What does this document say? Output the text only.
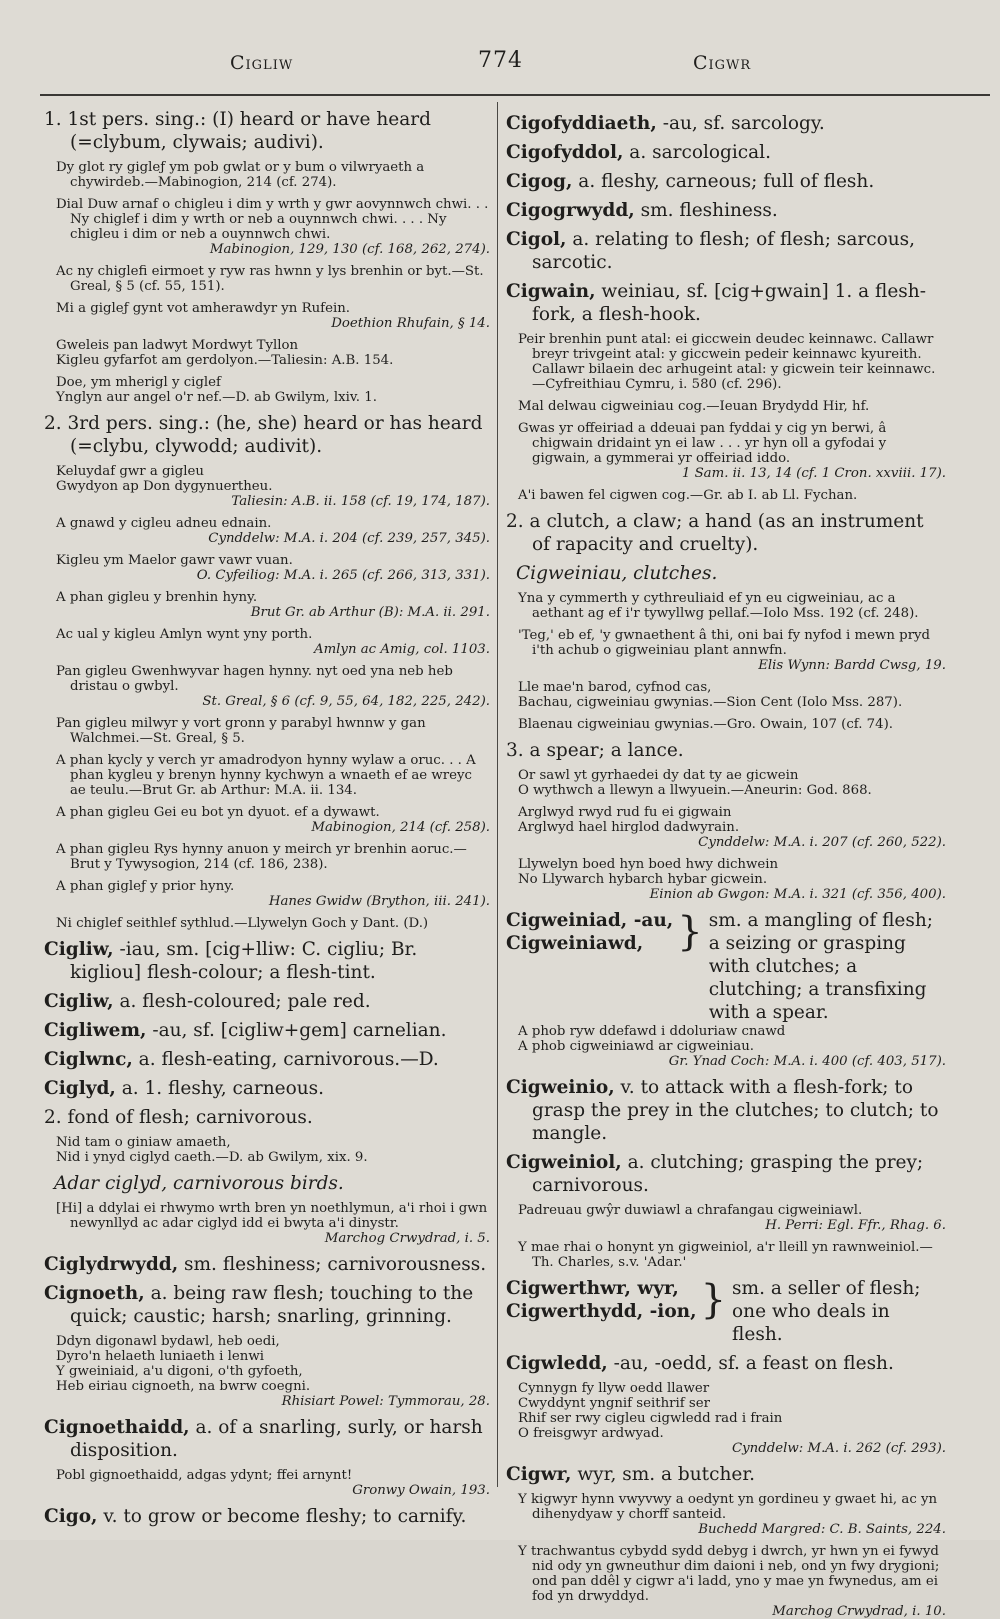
Cigliw	774	Cigwr
1. 1st pers. sing.: (I) heard or have heard (=clybum, clywais; audivi).
Dy glot ry gigleƒ ym pob gwlat or y bum o vilwryaeth a chywirdeb.—Mabinogion, 214 (cf. 274).
Dial Duw arnaf o chigleu i dim y wrth y gwr aovynnwch chwi. . . Ny chiglef i dim y wrth or neb a ouynnwch chwi. . . . Ny chigleu i dim or neb a ouynnwch chwi.
Mabinogion, 129, 130 (cf. 168, 262, 274).
Ac ny chiglefi eirmoet y ryw ras hwnn y lys brenhin or byt.—St. Greal, § 5 (cf. 55, 151).
Mi a gigleƒ gynt vot amherawdyr yn Rufein.
Doethion Rhufain, § 14.
Gweleis pan ladwyt Mordwyt Tyllon
Kigleu gyfarfot am gerdolyon.—Taliesin: A.B. 154.
Doe, ym mherigl y ciglef
Ynglyn aur angel o'r nef.—D. ab Gwilym, lxiv. 1.
2. 3rd pers. sing.: (he, she) heard or has heard (=clybu, clywodd; audivit).
Keluydaf gwr a gigleu
Gwydyon ap Don dygynuertheu.
Taliesin: A.B. ii. 158 (cf. 19, 174, 187).
A gnawd y cigleu adneu ednain.
Cynddelw: M.A. i. 204 (cf. 239, 257, 345).
Kigleu ym Maelor gawr vawr vuan.
O. Cyfeiliog: M.A. i. 265 (cf. 266, 313, 331).
A phan gigleu y brenhin hyny.
Brut Gr. ab Arthur (B): M.A. ii. 291.
Ac ual y kigleu Amlyn wynt yny porth.
Amlyn ac Amig, col. 1103.
Pan gigleu Gwenhwyvar hagen hynny. nyt oed yna neb heb dristau o gwbyl.
St. Greal, § 6 (cf. 9, 55, 64, 182, 225, 242).
Pan gigleu milwyr y vort gronn y parabyl hwnnw y gan Walchmei.—St. Greal, § 5.
A phan kycly y verch yr amadrodyon hynny wylaw a oruc. . . A phan kygleu y brenyn hynny kychwyn a wnaeth ef ae wreyc ae teulu.—Brut Gr. ab Arthur: M.A. ii. 134.
A phan gigleu Gei eu bot yn dyuot. ef a dywawt.
Mabinogion, 214 (cf. 258).
A phan gigleu Rys hynny anuon y meirch yr brenhin aoruc.—Brut y Tywysogion, 214 (cf. 186, 238).
A phan gigleƒ y prior hyny.
Hanes Gwidw (Brython, iii. 241).
Ni chiglef seithlef sythlud.—Llywelyn Goch y Dant. (D.)
Cigliw, -iau, sm. [cig+lliw: C. cigliu; Br. kigliou] flesh-colour; a flesh-tint.
Cigliw, a. flesh-coloured; pale red.
Cigliwem, -au, sf. [cigliw+gem] carnelian.
Ciglwnc, a. flesh-eating, carnivorous.—D.
Ciglyd, a. 1. fleshy, carneous.
2. fond of flesh; carnivorous.
Nid tam o giniaw amaeth,
Nid i ynyd ciglyd caeth.—D. ab Gwilym, xix. 9.
Adar ciglyd, carnivorous birds.
[Hi] a ddylai ei rhwymo wrth bren yn noethlymun, a'i rhoi i gwn newynllyd ac adar ciglyd idd ei bwyta a'i dinystr.
Marchog Crwydrad, i. 5.
Ciglydrwydd, sm. fleshiness; carnivorousness.
Cignoeth, a. being raw flesh; touching to the quick; caustic; harsh; snarling, grinning.
Ddyn digonawl bydawl, heb oedi,
Dyro'n helaeth luniaeth i lenwi
Y gweiniaid, a'u digoni, o'th gyfoeth,
Heb eiriau cignoeth, na bwrw coegni.
Rhisiart Powel: Tymmorau, 28.
Cignoethaidd, a. of a snarling, surly, or harsh disposition.
Pobl gignoethaidd, adgas ydynt; ffei arnynt!
Gronwy Owain, 193.
Cigo, v. to grow or become fleshy; to carnify.
Cigofyddiaeth, -au, sf. sarcology.
Cigofyddol, a. sarcological.
Cigog, a. fleshy, carneous; full of flesh.
Cigogrwydd, sm. fleshiness.
Cigol, a. relating to flesh; of flesh; sarcous, sarcotic.
Cigwain, weiniau, sf. [cig+gwain] 1. a flesh-fork, a flesh-hook.
Peir brenhin punt atal: ei giccwein deudec keinnawc. Callawr breyr trivgeint atal: y giccwein pedeir keinnawc kyureith. Callawr bilaein dec arhugeint atal: y gicwein teir keinnawc.—Cyfreithiau Cymru, i. 580 (cf. 296).
Mal delwau cigweiniau cog.—Ieuan Brydydd Hir, hf.
Gwas yr offeiriad a ddeuai pan fyddai y cig yn berwi, â chigwain dridaint yn ei law . . . yr hyn oll a gyfodai y gigwain, a gymmerai yr offeiriad iddo.
1 Sam. ii. 13, 14 (cf. 1 Cron. xxviii. 17).
A'i bawen fel cigwen cog.—Gr. ab I. ab Ll. Fychan.
2. a clutch, a claw; a hand (as an instrument of rapacity and cruelty).
Cigweiniau, clutches.
Yna y cymmerth y cythreuliaid ef yn eu cigweiniau, ac a aethant ag ef i'r tywyllwg pellaf.—Iolo Mss. 192 (cf. 248).
'Teg,' eb ef, 'y gwnaethent â thi, oni bai fy nyfod i mewn pryd i'th achub o gigweiniau plant annwfn.
Elis Wynn: Bardd Cwsg, 19.
Lle mae'n barod, cyfnod cas,
Bachau, cigweiniau gwynias.—Sion Cent (Iolo Mss. 287).
Blaenau cigweiniau gwynias.—Gro. Owain, 107 (cf. 74).
3. a spear; a lance.
Or sawl yt gyrhaedei dy dat ty ae gicwein
O wythwch a llewyn a llwyuein.—Aneurin: God. 868.
Arglwyd rwyd rud fu ei gigwain
Arglwyd hael hirglod dadwyrain.
Cynddelw: M.A. i. 207 (cf. 260, 522).
Llywelyn boed hyn boed hwy dichwein
No Llywarch hybarch hybar gicwein.
Einion ab Gwgon: M.A. i. 321 (cf. 356, 400).
Cigweiniad, -au,
Cigweiniawd, } sm. a mangling of flesh; a seizing or grasping with clutches; a clutching; a transfixing with a spear.
A phob ryw ddefawd i ddoluriaw cnawd
A phob cigweiniawd ar cigweiniau.
Gr. Ynad Coch: M.A. i. 400 (cf. 403, 517).
Cigweinio, v. to attack with a flesh-fork; to grasp the prey in the clutches; to clutch; to mangle.
Cigweiniol, a. clutching; grasping the prey; carnivorous.
Padreuau gwŷr duwiawl a chrafangau cigweiniawl.
H. Perri: Egl. Ffr., Rhag. 6.
Y mae rhai o honynt yn gigweiniol, a'r lleill yn rawnweiniol.—Th. Charles, s.v. 'Adar.'
Cigwerthwr, wyr,
Cigwerthydd, -ion, } sm. a seller of flesh; one who deals in flesh.
Cigwledd, -au, -oedd, sf. a feast on flesh.
Cynnygn fy llyw oedd llawer
Cwyddynt yngnif seithrif ser
Rhif ser rwy cigleu cigwledd rad i frain
O freisgwyr ardwyad.
Cynddelw: M.A. i. 262 (cf. 293).
Cigwr, wyr, sm. a butcher.
Y kigwyr hynn vwyvwy a oedynt yn gordineu y gwaet hi, ac yn dihenydyaw y chorff santeid.
Buchedd Margred: C. B. Saints, 224.
Y trachwantus cybydd sydd debyg i dwrch, yr hwn yn ei fywyd nid ody yn gwneuthur dim daioni i neb, ond yn fwy drygioni; ond pan ddêl y cigwr a'i ladd, yno y mae yn fwynedus, am ei fod yn drwyddyd.
Marchog Crwydrad, i. 10.
